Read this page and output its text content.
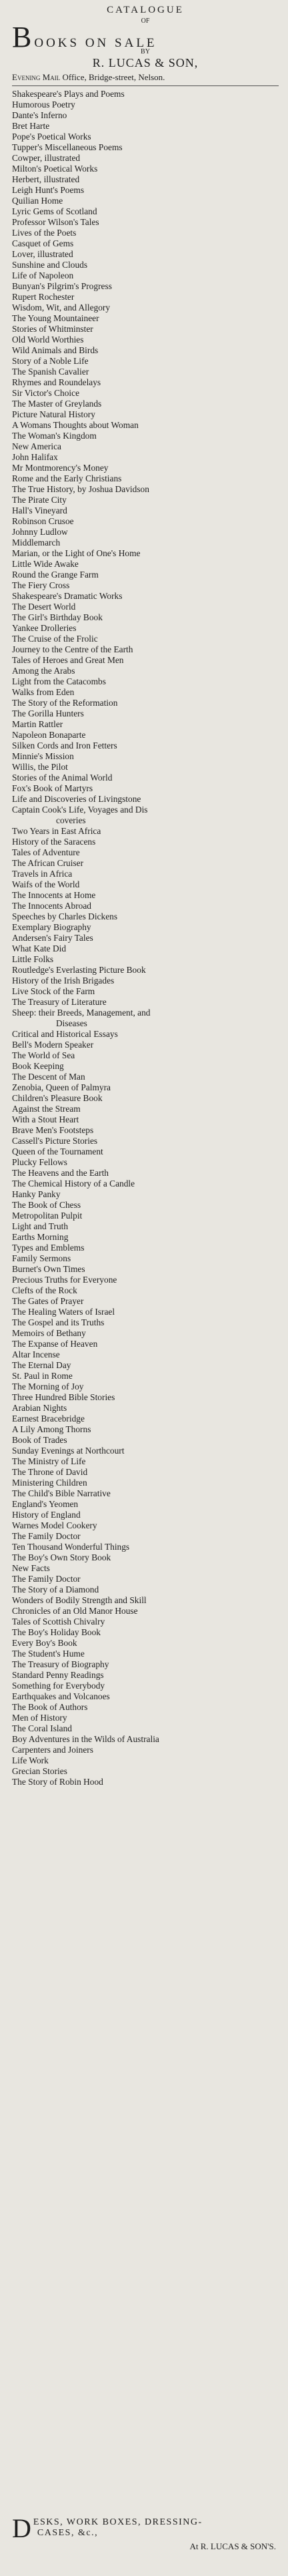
CATALOGUE

OF

B OOKS ON SALE

BY

R. LUCAS & SON,

Evening Mail Office, Bridge-street, Nelson.

Shakespeare's Plays and Poems
Humorous Poetry
Dante's Inferno
Bret Harte
Pope's Poetical Works
Tupper's Miscellaneous Poems
Cowper, illustrated
Milton's Poetical Works
Herbert, illustrated
Leigh Hunt's Poems
Quilian Home
Lyric Gems of Scotland
Professor Wilson's Tales
Lives of the Poets
Casquet of Gems
Lover, illustrated
Sunshine and Clouds
Life of Napoleon
Bunyan's Pilgrim's Progress
Rupert Rochester
Wisdom, Wit, and Allegory
The Young Mountaineer
Stories of Whitminster
Old World Worthies
Wild Animals and Birds
Story of a Noble Life
The Spanish Cavalier
Rhymes and Roundelays
Sir Victor's Choice
The Master of Greylands
Picture Natural History
A Womans Thoughts about Woman
The Woman's Kingdom
New America
John Halifax
Mr Montmorency's Money
Rome and the Early Christians
The True History, by Joshua Davidson
The Pirate City
Hall's Vineyard
Robinson Crusoe
Johnny Ludlow
Middlemarch
Marian, or the Light of One's Home
Little Wide Awake
Round the Grange Farm
The Fiery Cross
Shakespeare's Dramatic Works
The Desert World
The Girl's Birthday Book
Yankee Drolleries
The Cruise of the Frolic
Journey to the Centre of the Earth
Tales of Heroes and Great Men
Among the Arabs
Light from the Catacombs
Walks from Eden
The Story of the Reformation
The Gorilla Hunters
Martin Rattler
Napoleon Bonaparte
Silken Cords and Iron Fetters
Minnie's Mission
Willis, the Pilot
Stories of the Animal World
Fox's Book of Martyrs
Life and Discoveries of Livingstone
Captain Cook's Life, Voyages and Dis
coveries
Two Years in East Africa
History of the Saracens
Tales of Adventure
The African Cruiser
Travels in Africa
Waifs of the World
The Innocents at Home
The Innocents Abroad
Speeches by Charles Dickens
Exemplary Biography
Andersen's Fairy Tales
What Kate Did
Little Folks
Routledge's Everlasting Picture Book
History of the Irish Brigades
Live Stock of the Farm
The Treasury of Literature
Sheep: their Breeds, Management, and
Diseases
Critical and Historical Essays
Bell's Modern Speaker
The World of Sea
Book Keeping
The Descent of Man
Zenobia, Queen of Palmyra
Children's Pleasure Book
Against the Stream
With a Stout Heart
Brave Men's Footsteps
Cassell's Picture Stories
Queen of the Tournament
Plucky Fellows
The Heavens and the Earth
The Chemical History of a Candle
Hanky Panky
The Book of Chess
Metropolitan Pulpit
Light and Truth
Earths Morning
Types and Emblems
Family Sermons
Burnet's Own Times
Precious Truths for Everyone
Clefts of the Rock
The Gates of Prayer
The Healing Waters of Israel
The Gospel and its Truths
Memoirs of Bethany
The Expanse of Heaven
Altar Incense
The Eternal Day
St. Paul in Rome
The Morning of Joy
Three Hundred Bible Stories
Arabian Nights
Earnest Bracebridge
A Lily Among Thorns
Book of Trades
Sunday Evenings at Northcourt
The Ministry of Life
The Throne of David
Ministering Children
The Child's Bible Narrative
England's Yeomen
History of England
Warnes Model Cookery
The Family Doctor
Ten Thousand Wonderful Things
The Boy's Own Story Book
New Facts
The Family Doctor
The Story of a Diamond
Wonders of Bodily Strength and Skill
Chronicles of an Old Manor House
Tales of Scottish Chivalry
The Boy's Holiday Book
Every Boy's Book
The Student's Hume
The Treasury of Biography
Standard Penny Readings
Something for Everybody
Earthquakes and Volcanoes
The Book of Authors
Men of History
The Coral Island
Boy Adventures in the Wilds of Australia
Carpenters and Joiners
Life Work
Grecian Stories
The Story of Robin Hood
D ESKS, WORK BOXES, DRESSING-
CASES, &c.,
At R. LUCAS & SON'S.
